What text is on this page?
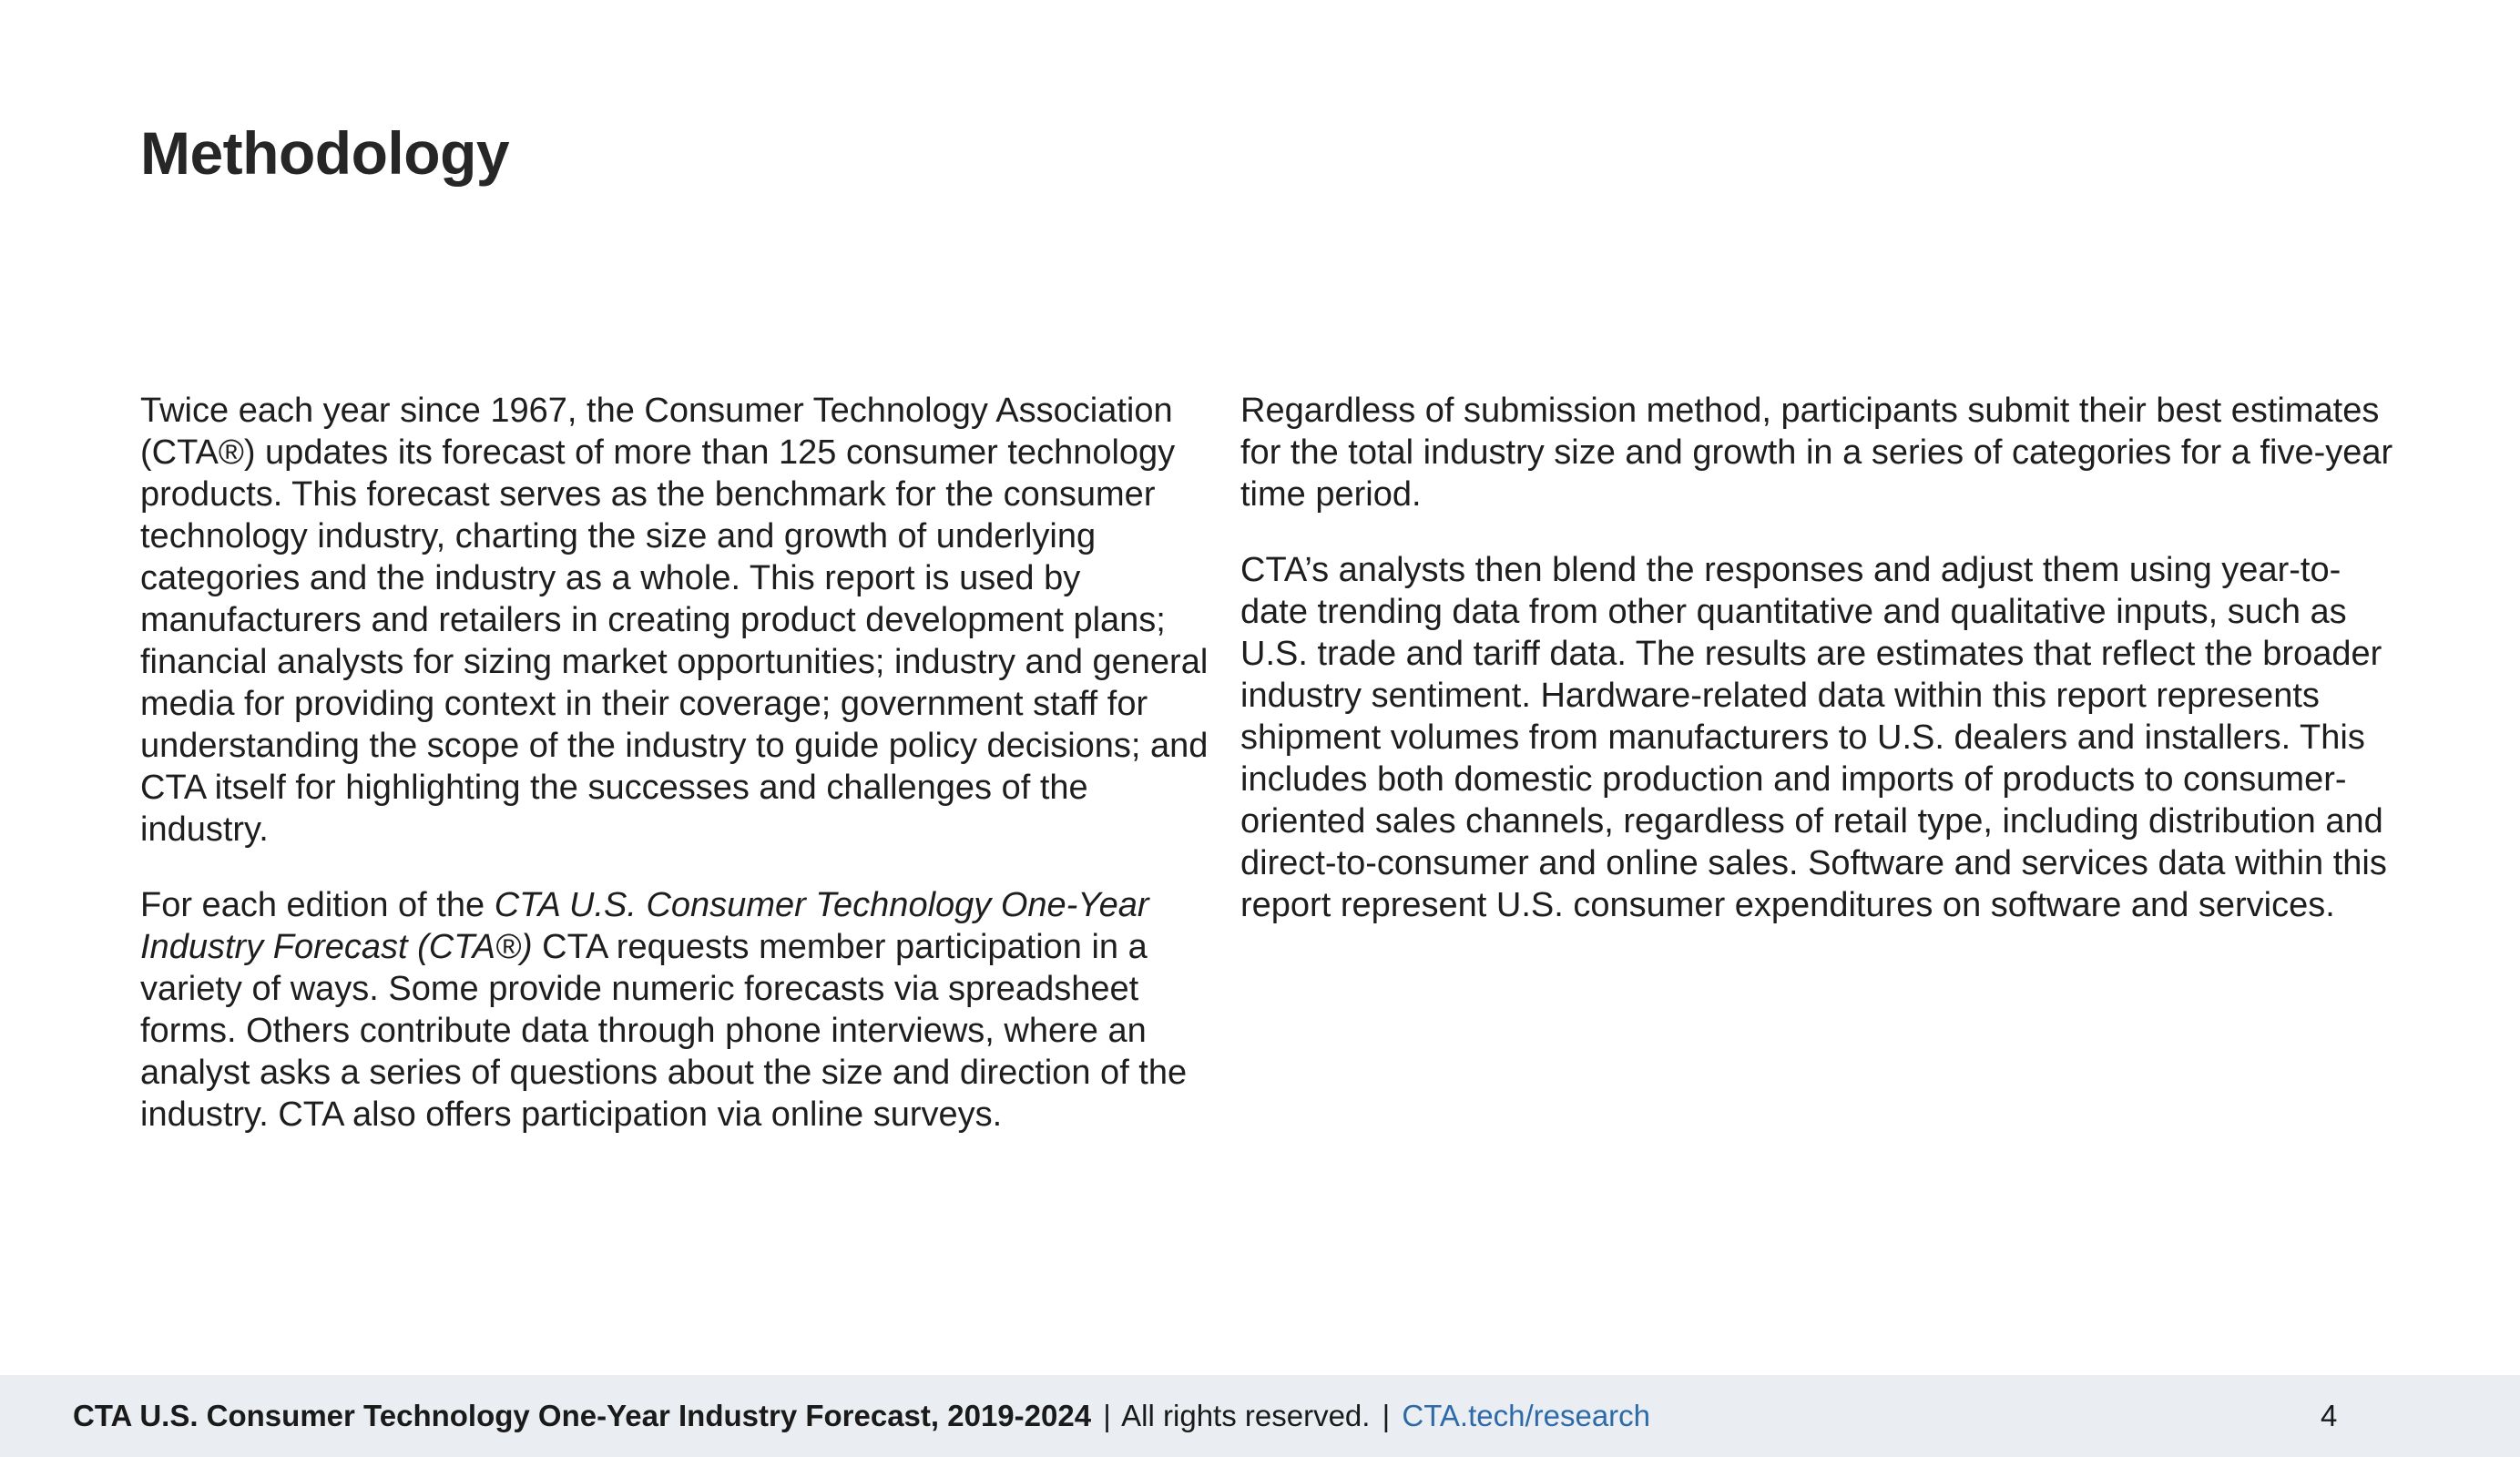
Methodology

Twice each year since 1967, the Consumer Technology Association (CTA®) updates its forecast of more than 125 consumer technology products. This forecast serves as the benchmark for the consumer technology industry, charting the size and growth of underlying categories and the industry as a whole. This report is used by manufacturers and retailers in creating product development plans; financial analysts for sizing market opportunities; industry and general media for providing context in their coverage; government staff for understanding the scope of the industry to guide policy decisions; and CTA itself for highlighting the successes and challenges of the industry.

For each edition of the CTA U.S. Consumer Technology One-Year Industry Forecast (CTA®) CTA requests member participation in a variety of ways. Some provide numeric forecasts via spreadsheet forms. Others contribute data through phone interviews, where an analyst asks a series of questions about the size and direction of the industry. CTA also offers participation via online surveys.

Regardless of submission method, participants submit their best estimates for the total industry size and growth in a series of categories for a five-year time period.

CTA’s analysts then blend the responses and adjust them using year-to-date trending data from other quantitative and qualitative inputs, such as U.S. trade and tariff data. The results are estimates that reflect the broader industry sentiment. Hardware-related data within this report represents shipment volumes from manufacturers to U.S. dealers and installers. This includes both domestic production and imports of products to consumer-oriented sales channels, regardless of retail type, including distribution and direct-to-consumer and online sales. Software and services data within this report represent U.S. consumer expenditures on software and services.

CTA U.S. Consumer Technology One-Year Industry Forecast, 2019-2024 | All rights reserved. | CTA.tech/research	4
